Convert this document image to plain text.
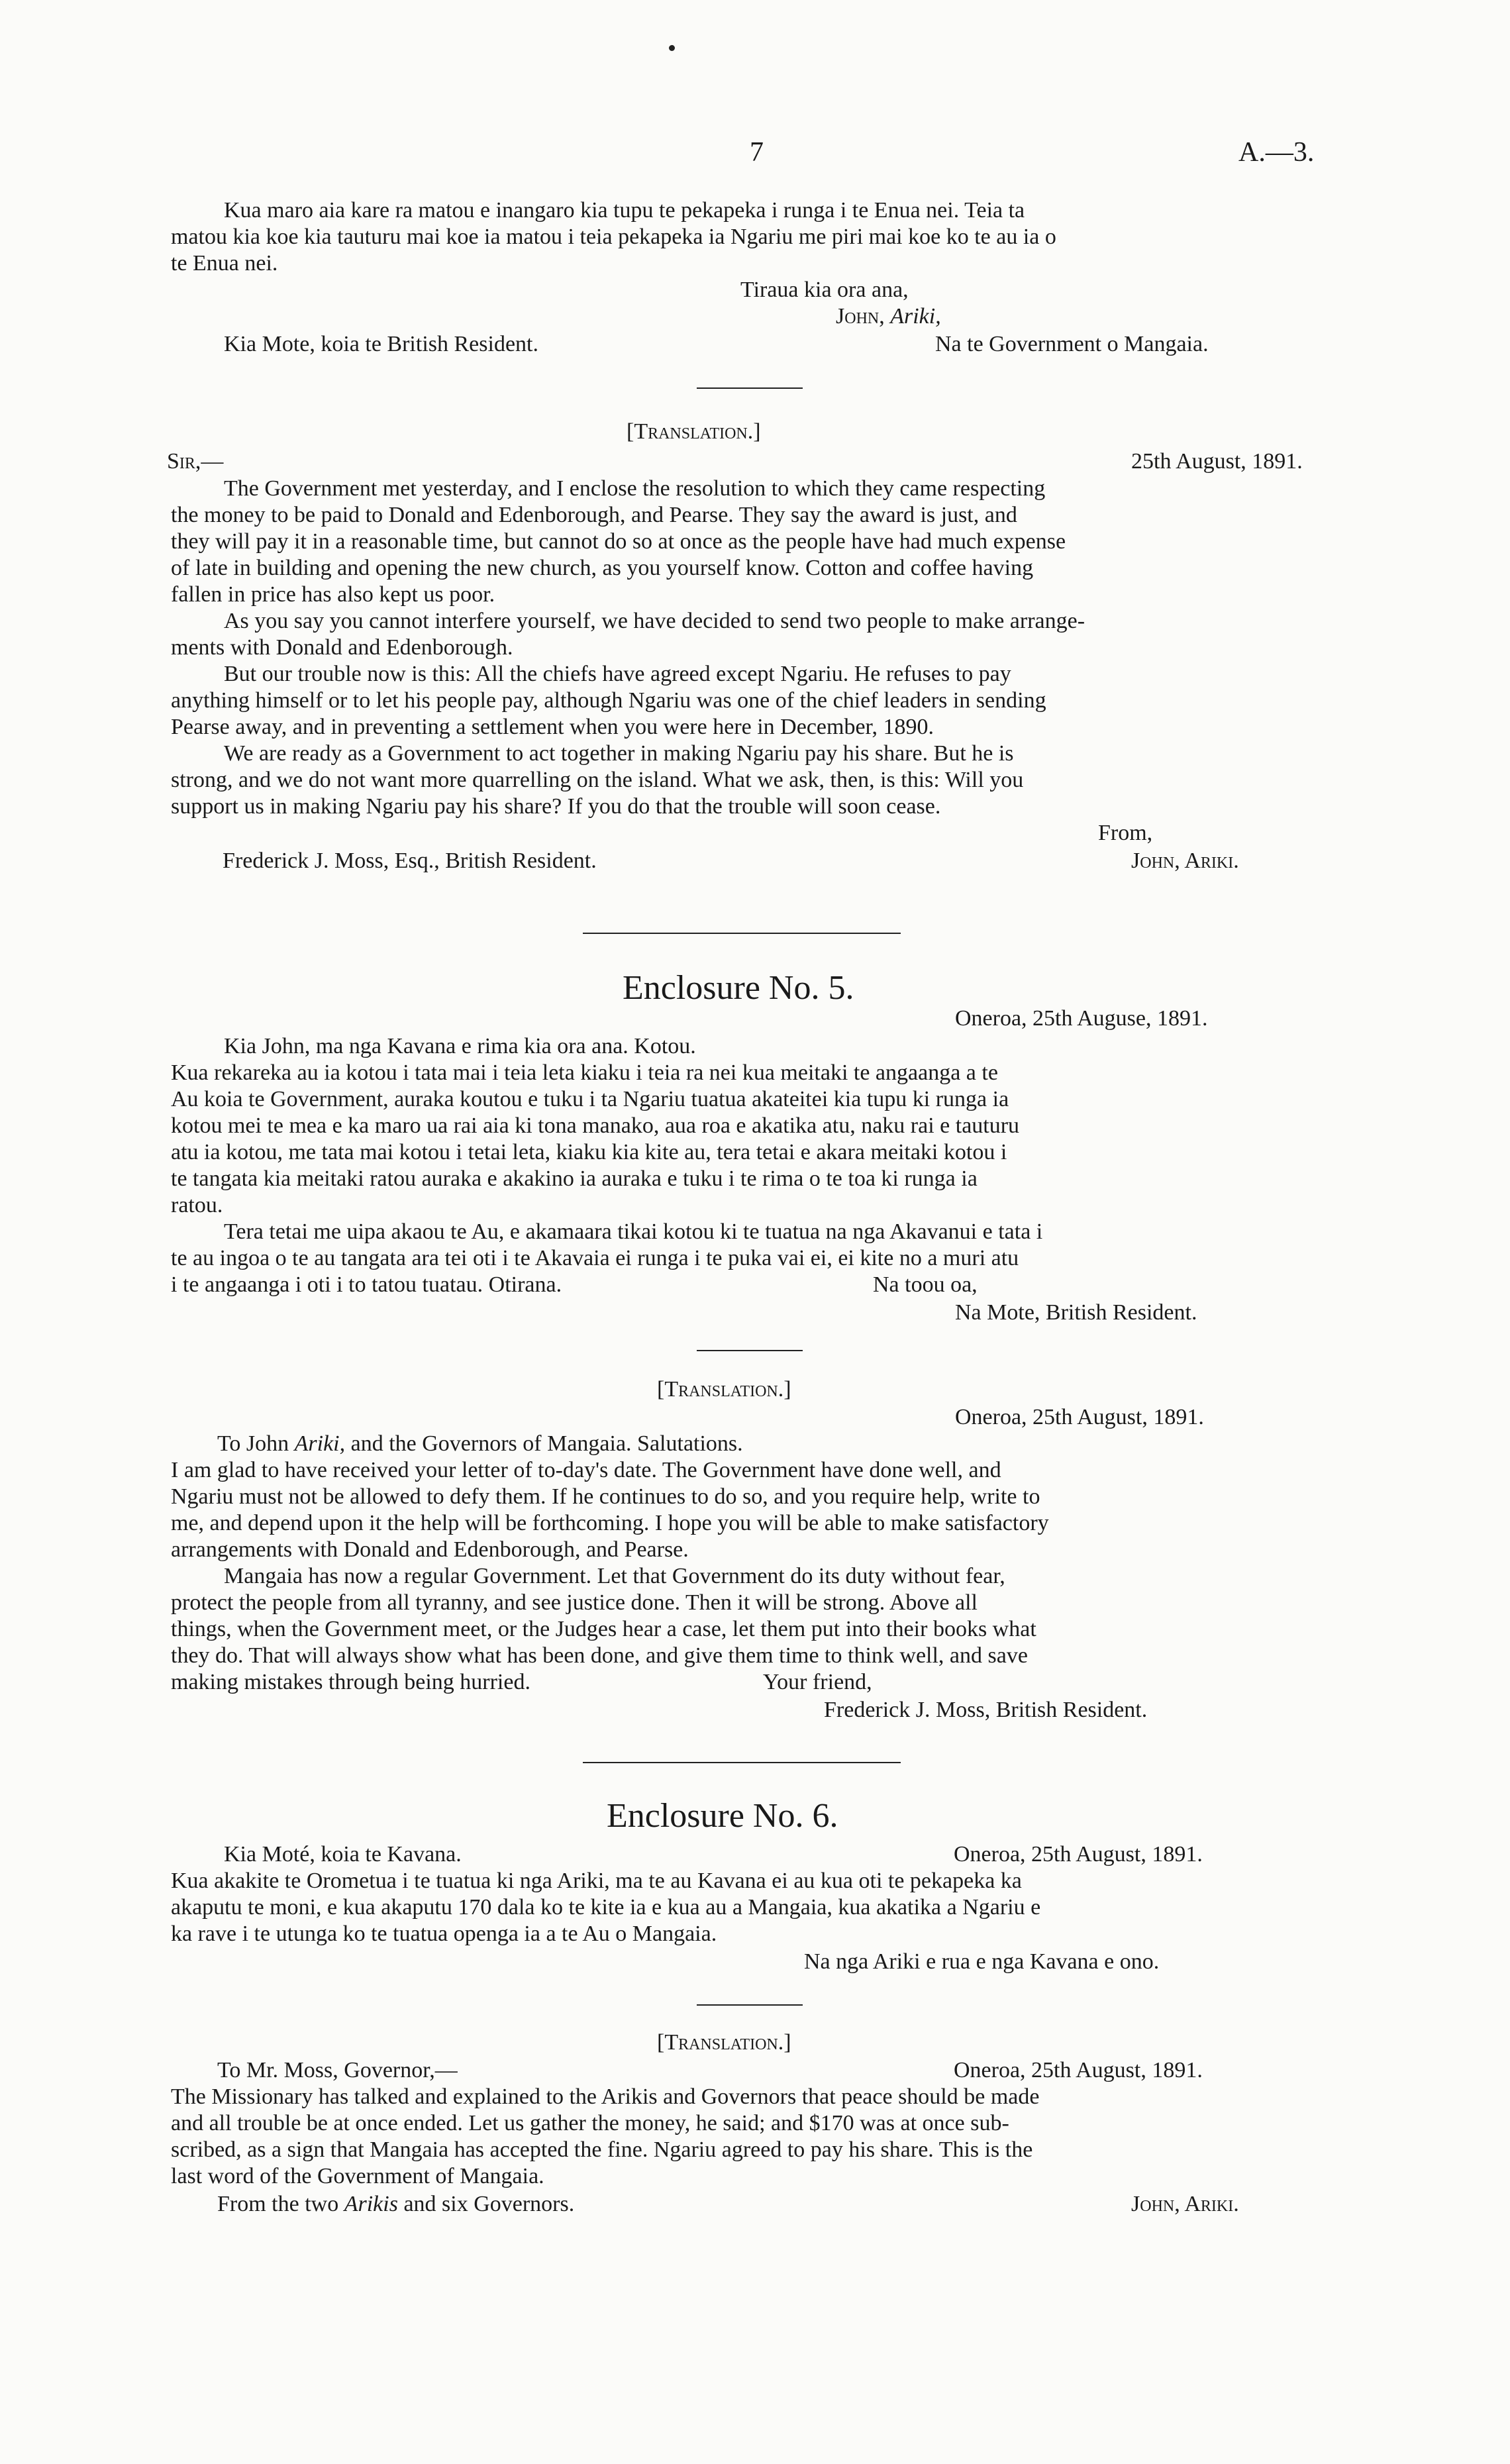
7	A.—3.
Kua maro aia kare ra matou e inangaro kia tupu te pekapeka i runga i te Enua nei. Teia ta
matou kia koe kia tauturu mai koe ia matou i teia pekapeka ia Ngariu me piri mai koe ko te au ia o
te Enua nei.
Tiraua kia ora ana,
John, Ariki,
Kia Mote, koia te British Resident.	Na te Government o Mangaia.
[Translation.]
Sir,—	25th August, 1891.
The Government met yesterday, and I enclose the resolution to which they came respecting
the money to be paid to Donald and Edenborough, and Pearse. They say the award is just, and
they will pay it in a reasonable time, but cannot do so at once as the people have had much expense
of late in building and opening the new church, as you yourself know. Cotton and coffee having
fallen in price has also kept us poor.
As you say you cannot interfere yourself, we have decided to send two people to make arrange-
ments with Donald and Edenborough.
But our trouble now is this: All the chiefs have agreed except Ngariu. He refuses to pay
anything himself or to let his people pay, although Ngariu was one of the chief leaders in sending
Pearse away, and in preventing a settlement when you were here in December, 1890.
We are ready as a Government to act together in making Ngariu pay his share. But he is
strong, and we do not want more quarrelling on the island. What we ask, then, is this: Will you
support us in making Ngariu pay his share? If you do that the trouble will soon cease.
From,
Frederick J. Moss, Esq., British Resident.	John, Ariki.
Enclosure No. 5.
Oneroa, 25th Auguse, 1891.
Kia John, ma nga Kavana e rima kia ora ana. Kotou.
Kua rekareka au ia kotou i tata mai i teia leta kiaku i teia ra nei kua meitaki te angaanga a te
Au koia te Government, auraka koutou e tuku i ta Ngariu tuatua akateitei kia tupu ki runga ia
kotou mei te mea e ka maro ua rai aia ki tona manako, aua roa e akatika atu, naku rai e tauturu
atu ia kotou, me tata mai kotou i tetai leta, kiaku kia kite au, tera tetai e akara meitaki kotou i
te tangata kia meitaki ratou auraka e akakino ia auraka e tuku i te rima o te toa ki runga ia
ratou.
Tera tetai me uipa akaou te Au, e akamaara tikai kotou ki te tuatua na nga Akavanui e tata i
te au ingoa o te au tangata ara tei oti i te Akavaia ei runga i te puka vai ei, ei kite no a muri atu
i te angaanga i oti i to tatou tuatau. Otirana.	Na toou oa,
Na Mote, British Resident.
[Translation.]
Oneroa, 25th August, 1891.
To John Ariki, and the Governors of Mangaia. Salutations.
I am glad to have received your letter of to-day's date. The Government have done well, and
Ngariu must not be allowed to defy them. If he continues to do so, and you require help, write to
me, and depend upon it the help will be forthcoming. I hope you will be able to make satisfactory
arrangements with Donald and Edenborough, and Pearse.
Mangaia has now a regular Government. Let that Government do its duty without fear,
protect the people from all tyranny, and see justice done. Then it will be strong. Above all
things, when the Government meet, or the Judges hear a case, let them put into their books what
they do. That will always show what has been done, and give them time to think well, and save
making mistakes through being hurried.	Your friend,
Frederick J. Moss, British Resident.
Enclosure No. 6.
Kia Moté, koia te Kavana.	Oneroa, 25th August, 1891.
Kua akakite te Orometua i te tuatua ki nga Ariki, ma te au Kavana ei au kua oti te pekapeka ka
akaputu te moni, e kua akaputu 170 dala ko te kite ia e kua au a Mangaia, kua akatika a Ngariu e
ka rave i te utunga ko te tuatua openga ia a te Au o Mangaia.
Na nga Ariki e rua e nga Kavana e ono.
[Translation.]
To Mr. Moss, Governor,—	Oneroa, 25th August, 1891.
The Missionary has talked and explained to the Arikis and Governors that peace should be made
and all trouble be at once ended. Let us gather the money, he said; and $170 was at once sub-
scribed, as a sign that Mangaia has accepted the fine. Ngariu agreed to pay his share. This is the
last word of the Government of Mangaia.
From the two Arikis and six Governors.	John, Ariki.
